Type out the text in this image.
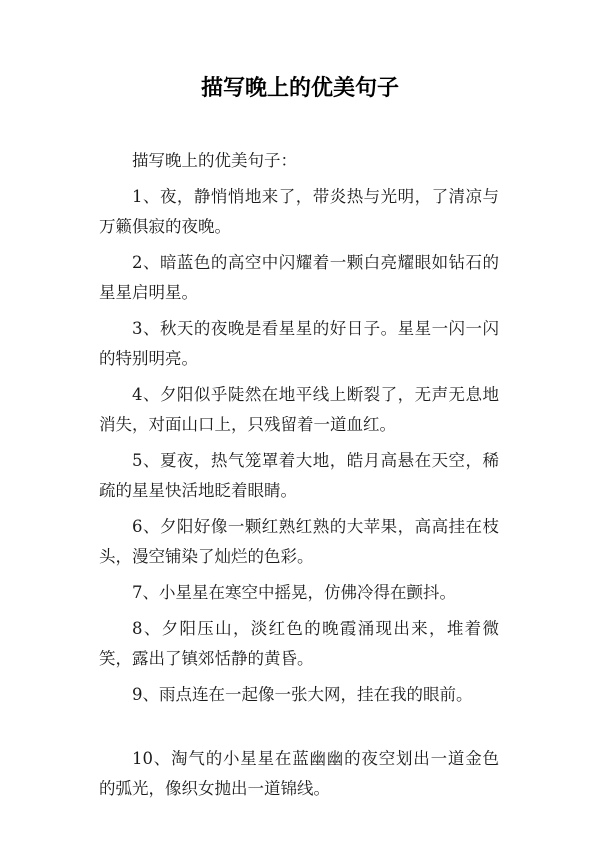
描写晚上的优美句子

描写晚上的优美句子：

1、夜，静悄悄地来了，带炎热与光明，了清凉与万籁俱寂的夜晚。

2、暗蓝色的高空中闪耀着一颗白亮耀眼如钻石的星星启明星。

3、秋天的夜晚是看星星的好日子。星星一闪一闪的特别明亮。

4、夕阳似乎陡然在地平线上断裂了，无声无息地消失，对面山口上，只残留着一道血红。

5、夏夜，热气笼罩着大地，皓月高悬在天空，稀疏的星星快活地眨着眼睛。

6、夕阳好像一颗红熟红熟的大苹果，高高挂在枝头，漫空铺染了灿烂的色彩。

7、小星星在寒空中摇晃，仿佛冷得在颤抖。

8、夕阳压山，淡红色的晚霞涌现出来，堆着微笑，露出了镇郊恬静的黄昏。

9、雨点连在一起像一张大网，挂在我的眼前。

10、淘气的小星星在蓝幽幽的夜空划出一道金色的弧光，像织女抛出一道锦线。
